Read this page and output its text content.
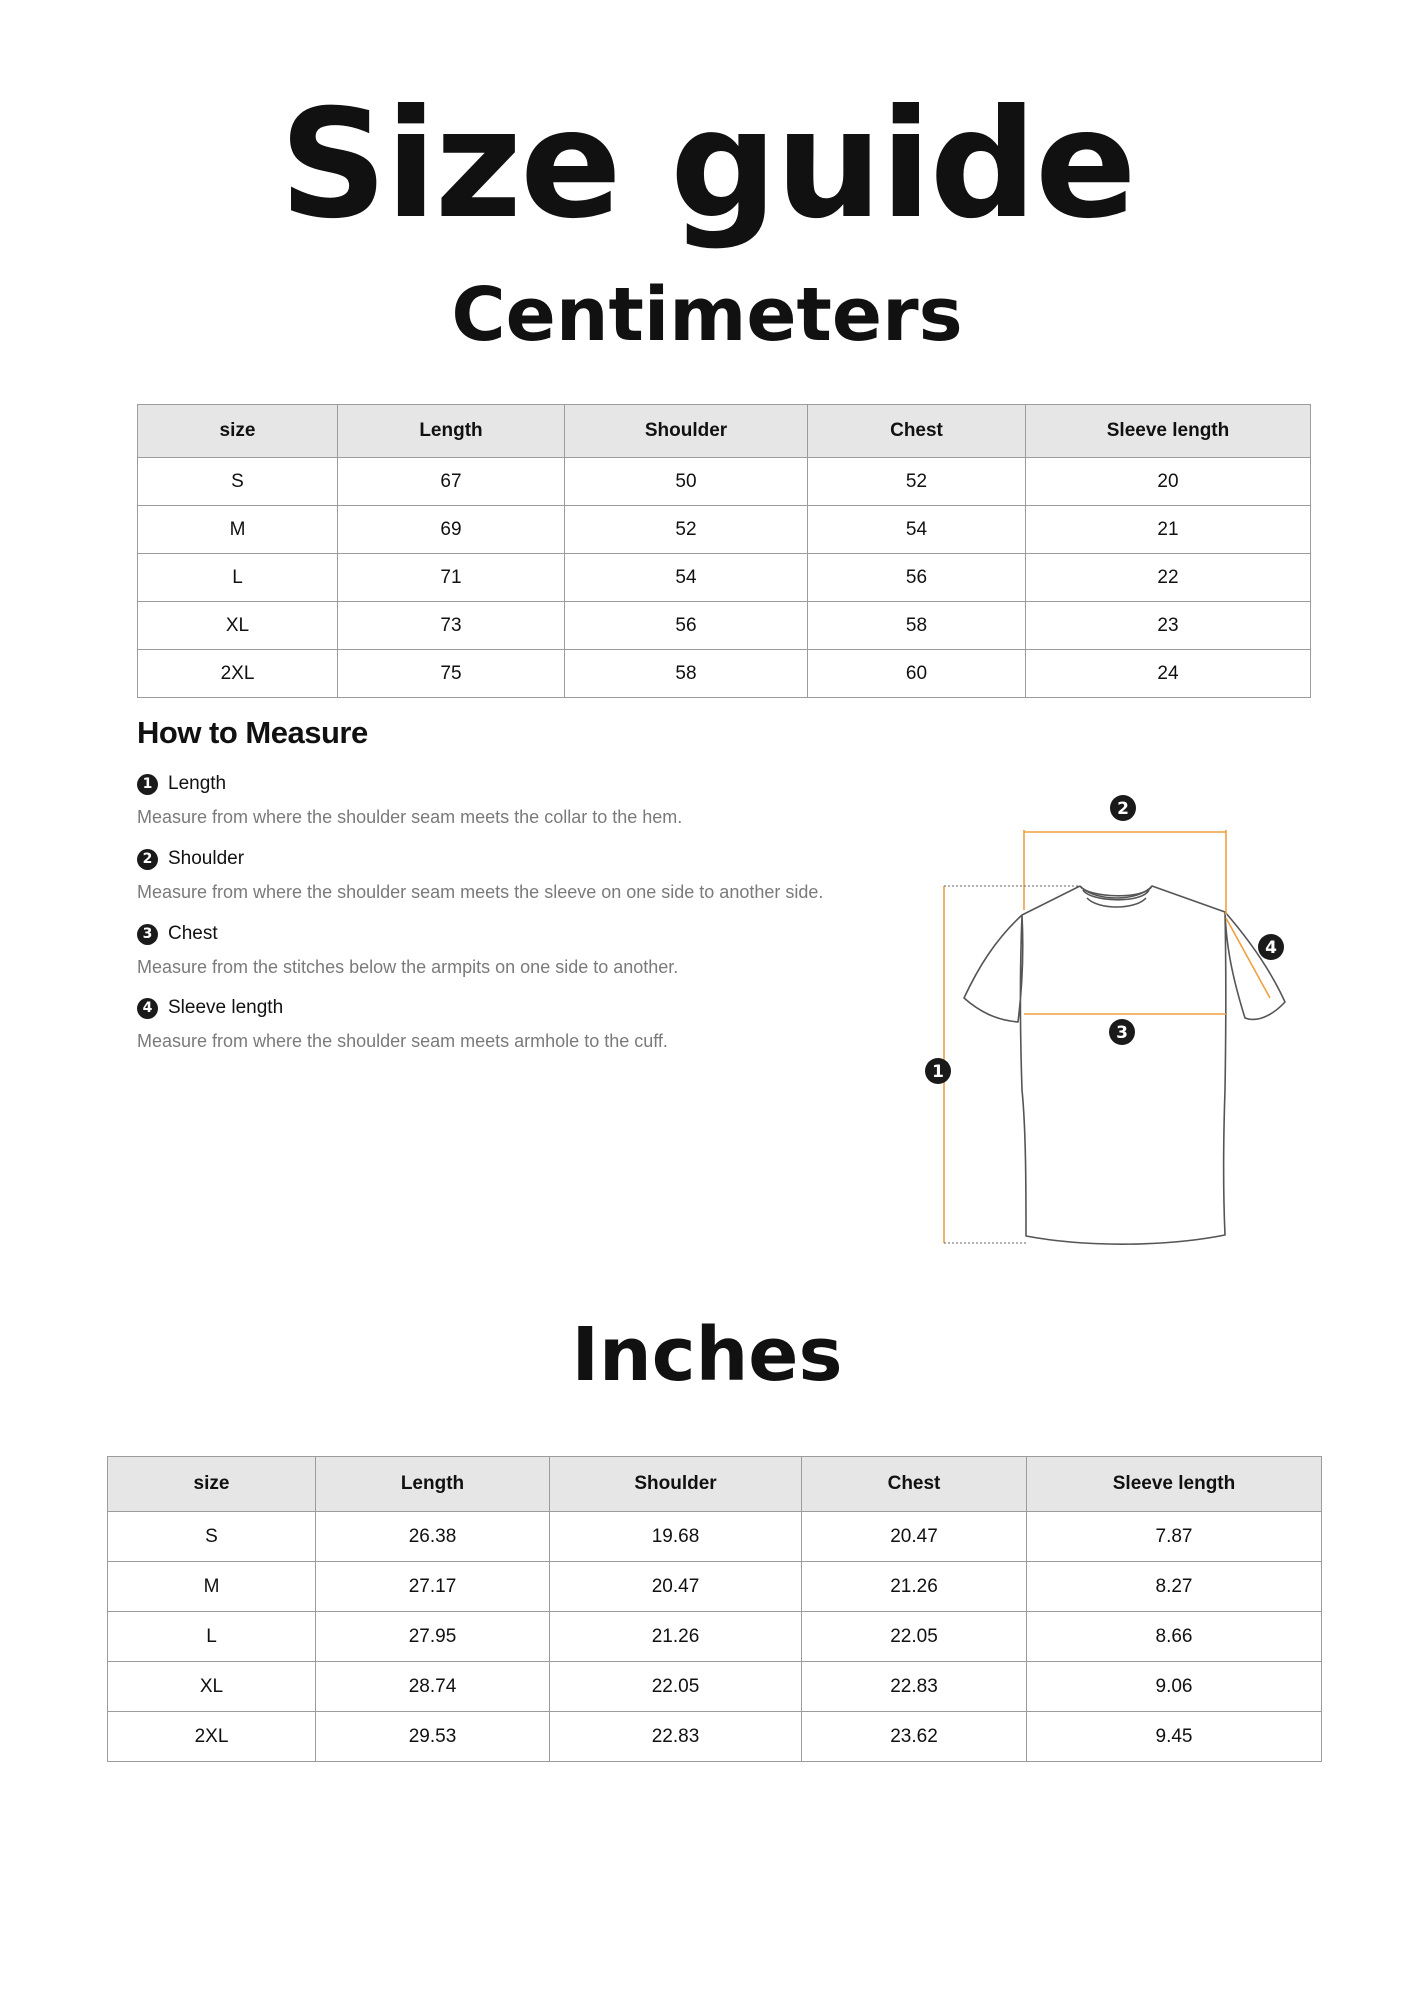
Size guide
Centimeters
size	Length	Shoulder	Chest	Sleeve length
S	67	50	52	20
M	69	52	54	21
L	71	54	56	22
XL	73	56	58	23
2XL	75	58	60	24
How to Measure
1 Length
Measure from where the shoulder seam meets the collar to the hem.
2 Shoulder
Measure from where the shoulder seam meets the sleeve on one side to another side.
3 Chest
Measure from the stitches below the armpits on one side to another.
4 Sleeve length
Measure from where the shoulder seam meets armhole to the cuff.
2
4
3
1
Inches
size	Length	Shoulder	Chest	Sleeve length
S	26.38	19.68	20.47	7.87
M	27.17	20.47	21.26	8.27
L	27.95	21.26	22.05	8.66
XL	28.74	22.05	22.83	9.06
2XL	29.53	22.83	23.62	9.45
